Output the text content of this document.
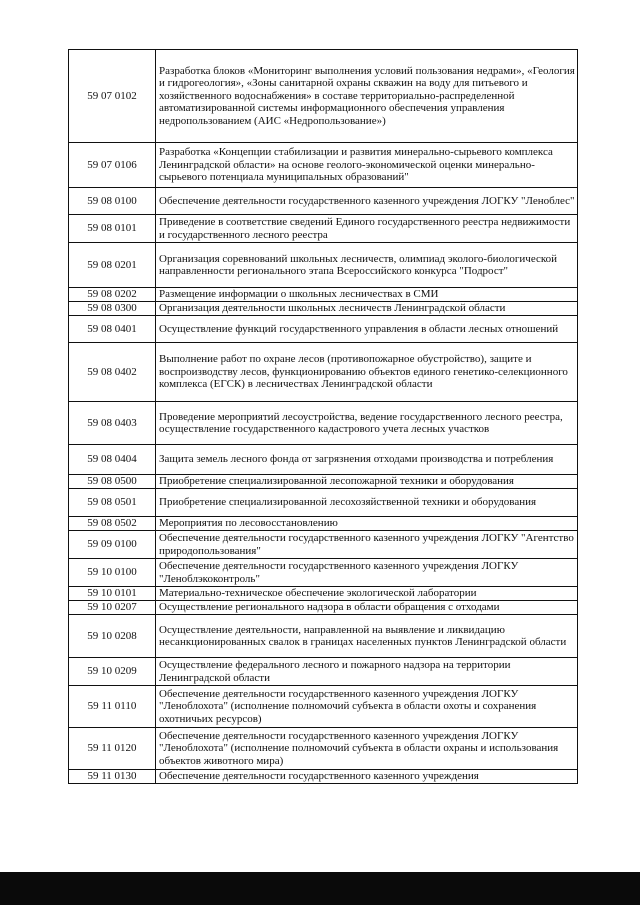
59 07 0102	Разработка блоков «Мониторинг выполнения условий пользования недрами», «Геология и гидрогеология», «Зоны санитарной охраны скважин на воду для питьевого и хозяйственного водоснабжения» в составе территориально-распределенной автоматизированной системы информационного обеспечения управления недропользованием (АИС «Недропользование»)
59 07 0106	Разработка «Концепции стабилизации и развития минерально-сырьевого комплекса Ленинградской области» на основе геолого-экономической оценки минерально-сырьевого потенциала муниципальных образований"
59 08 0100	Обеспечение деятельности государственного казенного учреждения ЛОГКУ "Леноблес"
59 08 0101	Приведение в соответствие сведений Единого государственного реестра недвижимости и государственного лесного реестра
59 08 0201	Организация соревнований школьных лесничеств, олимпиад эколого-биологической направленности регионального этапа Всероссийского конкурса "Подрост"
59 08 0202	Размещение информации о школьных лесничествах в СМИ
59 08 0300	Организация деятельности школьных лесничеств Ленинградской области
59 08 0401	Осуществление функций государственного управления в области лесных отношений
59 08 0402	Выполнение работ по охране лесов (противопожарное обустройство), защите и воспроизводству лесов, функционированию объектов единого генетико-селекционного комплекса (ЕГСК) в лесничествах Ленинградской области
59 08 0403	Проведение мероприятий лесоустройства, ведение государственного лесного реестра, осуществление государственного кадастрового учета лесных участков
59 08 0404	Защита земель лесного фонда от загрязнения отходами производства и потребления
59 08 0500	Приобретение специализированной лесопожарной техники и оборудования
59 08 0501	Приобретение специализированной лесохозяйственной техники и оборудования
59 08 0502	Мероприятия по лесовосстановлению
59 09 0100	Обеспечение деятельности государственного казенного учреждения ЛОГКУ "Агентство природопользования"
59 10 0100	Обеспечение деятельности государственного казенного учреждения ЛОГКУ "Леноблэкоконтроль"
59 10 0101	Материально-техническое обеспечение экологической лаборатории
59 10 0207	Осуществление регионального надзора в области обращения с отходами
59 10 0208	Осуществление деятельности, направленной на выявление и ликвидацию несанкционированных свалок в границах населенных пунктов Ленинградской области
59 10 0209	Осуществление федерального лесного и пожарного надзора на территории Ленинградской области
59 11 0110	Обеспечение деятельности государственного казенного учреждения ЛОГКУ "Леноблохота" (исполнение полномочий субъекта в области охоты и сохранения охотничьих ресурсов)
59 11 0120	Обеспечение деятельности государственного казенного учреждения ЛОГКУ "Леноблохота" (исполнение полномочий субъекта в области охраны и использования объектов животного мира)
59 11 0130	Обеспечение деятельности государственного казенного учреждения
